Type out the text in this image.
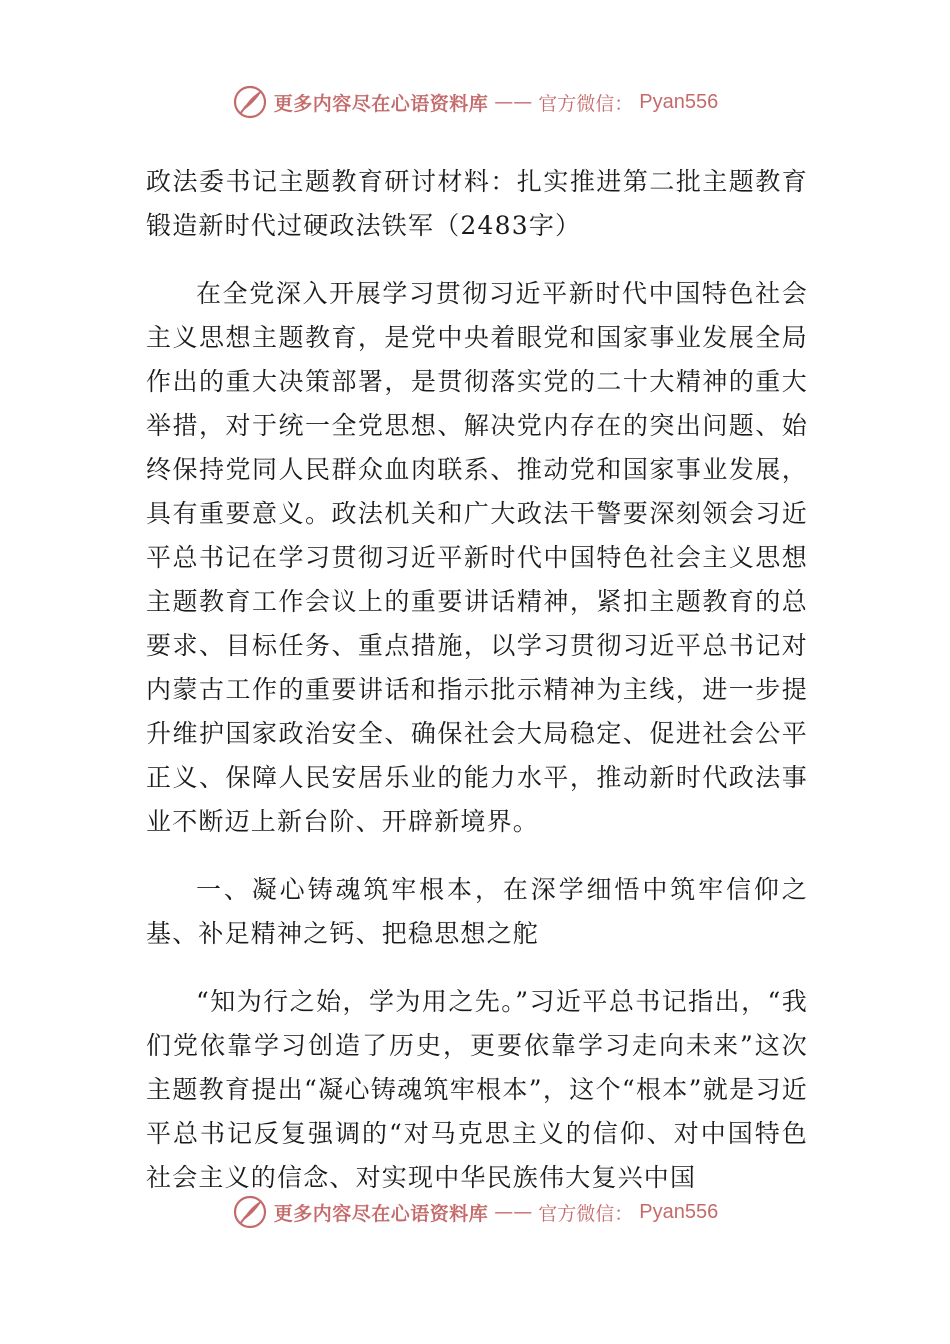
更多内容尽在心语资料库 —— 官方微信： Pyan556

政法委书记主题教育研讨材料：扎实推进第二批主题教育锻造新时代过硬政法铁军（2483字）

在全党深入开展学习贯彻习近平新时代中国特色社会主义思想主题教育，是党中央着眼党和国家事业发展全局作出的重大决策部署，是贯彻落实党的二十大精神的重大举措，对于统一全党思想、解决党内存在的突出问题、始终保持党同人民群众血肉联系、推动党和国家事业发展，具有重要意义。政法机关和广大政法干警要深刻领会习近平总书记在学习贯彻习近平新时代中国特色社会主义思想主题教育工作会议上的重要讲话精神，紧扣主题教育的总要求、目标任务、重点措施，以学习贯彻习近平总书记对内蒙古工作的重要讲话和指示批示精神为主线，进一步提升维护国家政治安全、确保社会大局稳定、促进社会公平正义、保障人民安居乐业的能力水平，推动新时代政法事业不断迈上新台阶、开辟新境界。

一、凝心铸魂筑牢根本，在深学细悟中筑牢信仰之基、补足精神之钙、把稳思想之舵

“知为行之始，学为用之先。”习近平总书记指出，“我们党依靠学习创造了历史，更要依靠学习走向未来”这次主题教育提出“凝心铸魂筑牢根本”，这个“根本”就是习近平总书记反复强调的“对马克思主义的信仰、对中国特色社会主义的信念、对实现中华民族伟大复兴中国

更多内容尽在心语资料库 —— 官方微信： Pyan556
